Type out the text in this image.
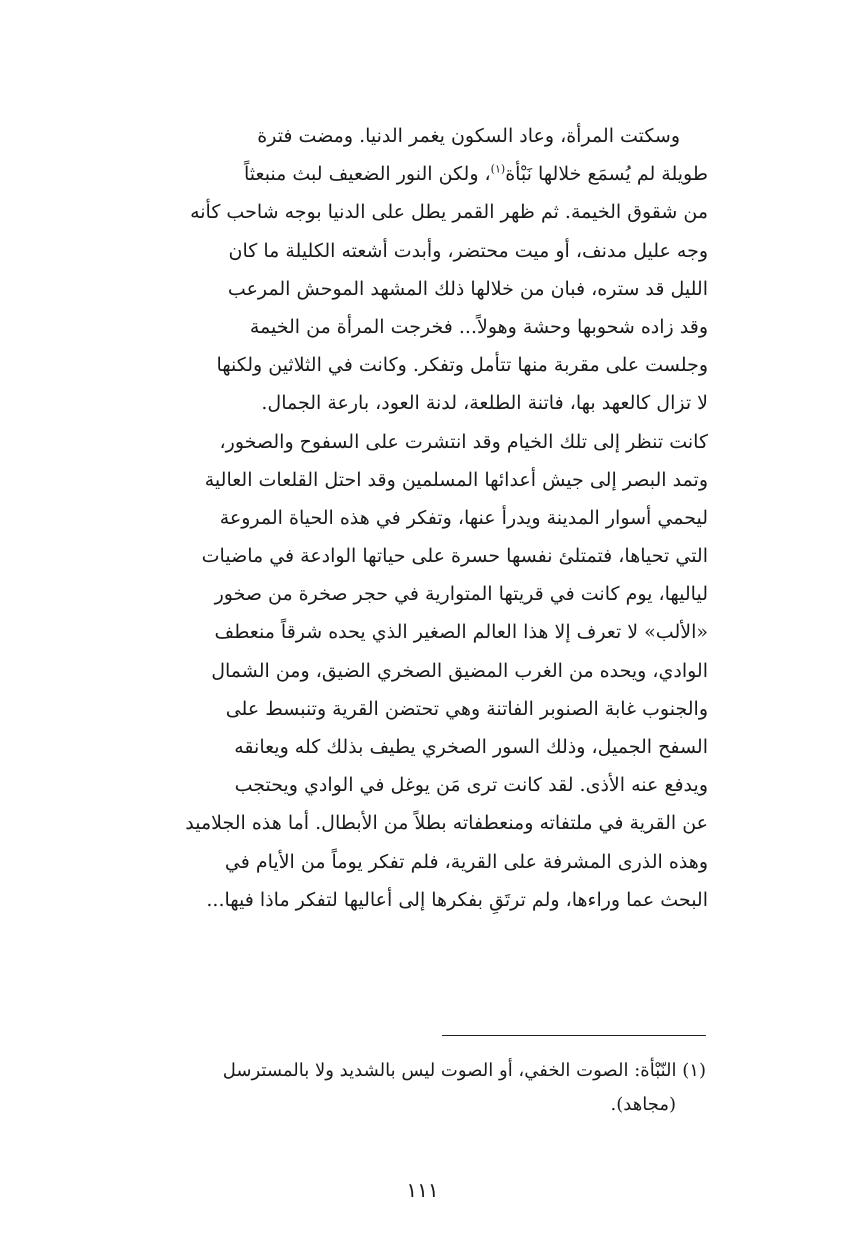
وسكتت المرأة، وعاد السكون يغمر الدنيا. ومضت فترة
طويلة لم يُسمَع خلالها نَبْأة$^{(١)}$، ولكن النور الضعيف لبث منبعثاً
من شقوق الخيمة. ثم ظهر القمر يطل على الدنيا بوجه شاحب كأنه
وجه عليل مدنف، أو ميت محتضر، وأبدت أشعته الكليلة ما كان
الليل قد ستره، فبان من خلالها ذلك المشهد الموحش المرعب
وقد زاده شحوبها وحشة وهولاً... فخرجت المرأة من الخيمة
وجلست على مقربة منها تتأمل وتفكر. وكانت في الثلاثين ولكنها
لا تزال كالعهد بها، فاتنة الطلعة، لدنة العود، بارعة الجمال.
كانت تنظر إلى تلك الخيام وقد انتشرت على السفوح والصخور،
وتمد البصر إلى جيش أعدائها المسلمين وقد احتل القلعات العالية
ليحمي أسوار المدينة ويدرأ عنها، وتفكر في هذه الحياة المروعة
التي تحياها، فتمتلئ نفسها حسرة على حياتها الوادعة في ماضيات
لياليها، يوم كانت في قريتها المتوارية في حجر صخرة من صخور
«الألب» لا تعرف إلا هذا العالم الصغير الذي يحده شرقاً منعطف
الوادي، ويحده من الغرب المضيق الصخري الضيق، ومن الشمال
والجنوب غابة الصنوبر الفاتنة وهي تحتضن القرية وتنبسط على
السفح الجميل، وذلك السور الصخري يطيف بذلك كله ويعانقه
ويدفع عنه الأذى. لقد كانت ترى مَن يوغل في الوادي ويحتجب
عن القرية في ملتفاته ومنعطفاته بطلاً من الأبطال. أما هذه الجلاميد
وهذه الذرى المشرفة على القرية، فلم تفكر يوماً من الأيام في
البحث عما وراءها، ولم ترتَقِ بفكرها إلى أعاليها لتفكر ماذا فيها...
(١) النّبْأة: الصوت الخفي، أو الصوت ليس بالشديد ولا بالمسترسل
(مجاهد).
١١١
